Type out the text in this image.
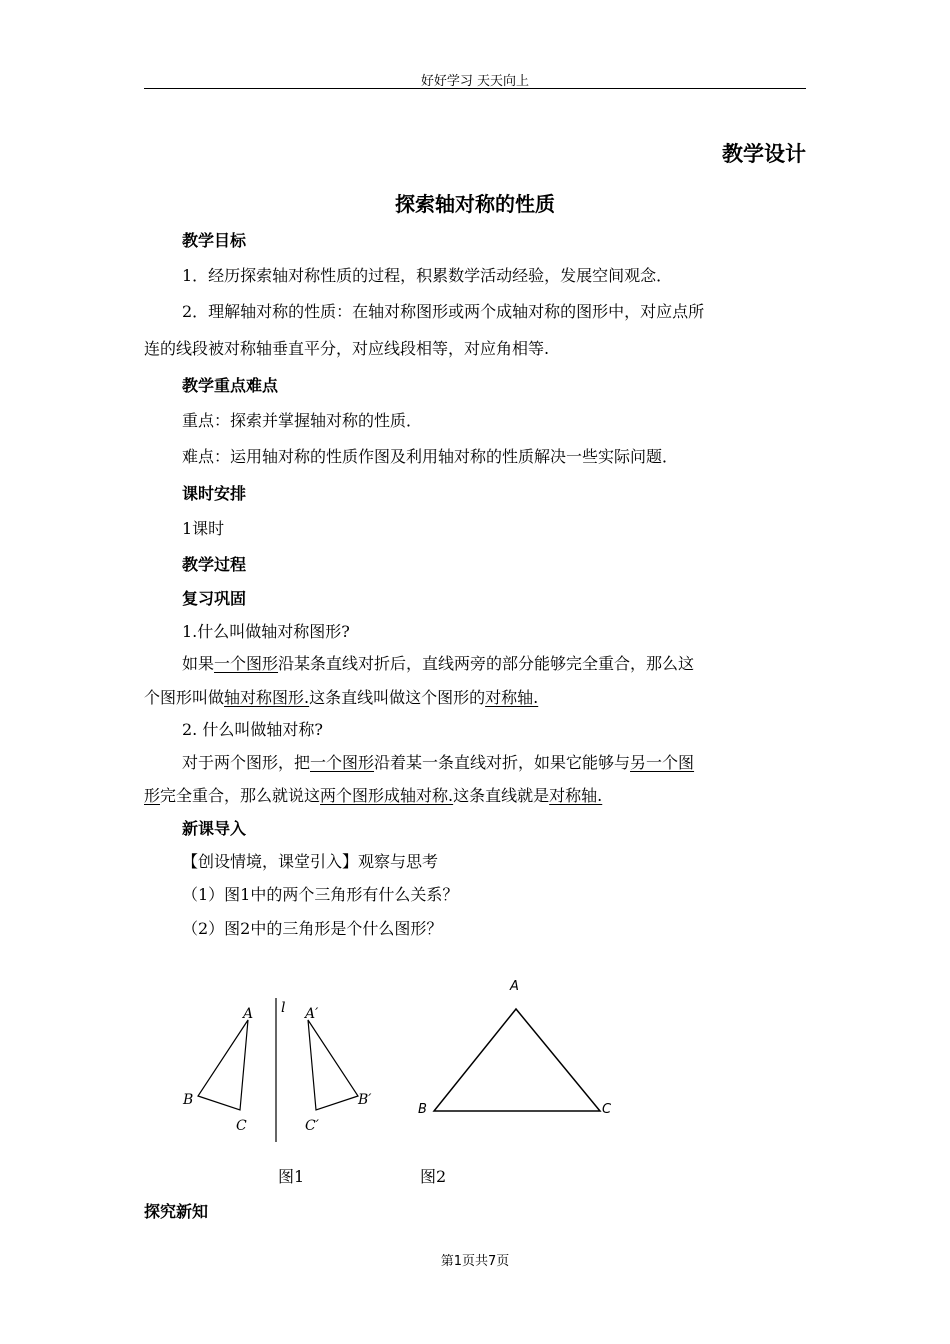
好好学习 天天向上
教学设计
探索轴对称的性质
教学目标
1．经历探索轴对称性质的过程，积累数学活动经验，发展空间观念．
2．理解轴对称的性质：在轴对称图形或两个成轴对称的图形中，对应点所
连的线段被对称轴垂直平分，对应线段相等，对应角相等.
教学重点难点
重点：探索并掌握轴对称的性质．
难点：运用轴对称的性质作图及利用轴对称的性质解决一些实际问题．
课时安排
1课时
教学过程
复习巩固
1.什么叫做轴对称图形?
如果一个图形沿某条直线对折后，直线两旁的部分能够完全重合，那么这
个图形叫做轴对称图形.这条直线叫做这个图形的对称轴.
2. 什么叫做轴对称?
对于两个图形，把一个图形沿着某一条直线对折，如果它能够与另一个图
形完全重合，那么就说这两个图形成轴对称.这条直线就是对称轴.
新课导入
【创设情境，课堂引入】观察与思考
（1）图1中的两个三角形有什么关系？
（2）图2中的三角形是个什么图形？
l
A
B
C
A′
B′
C′
A
B	C
图1	图2
探究新知
第1页共7页
